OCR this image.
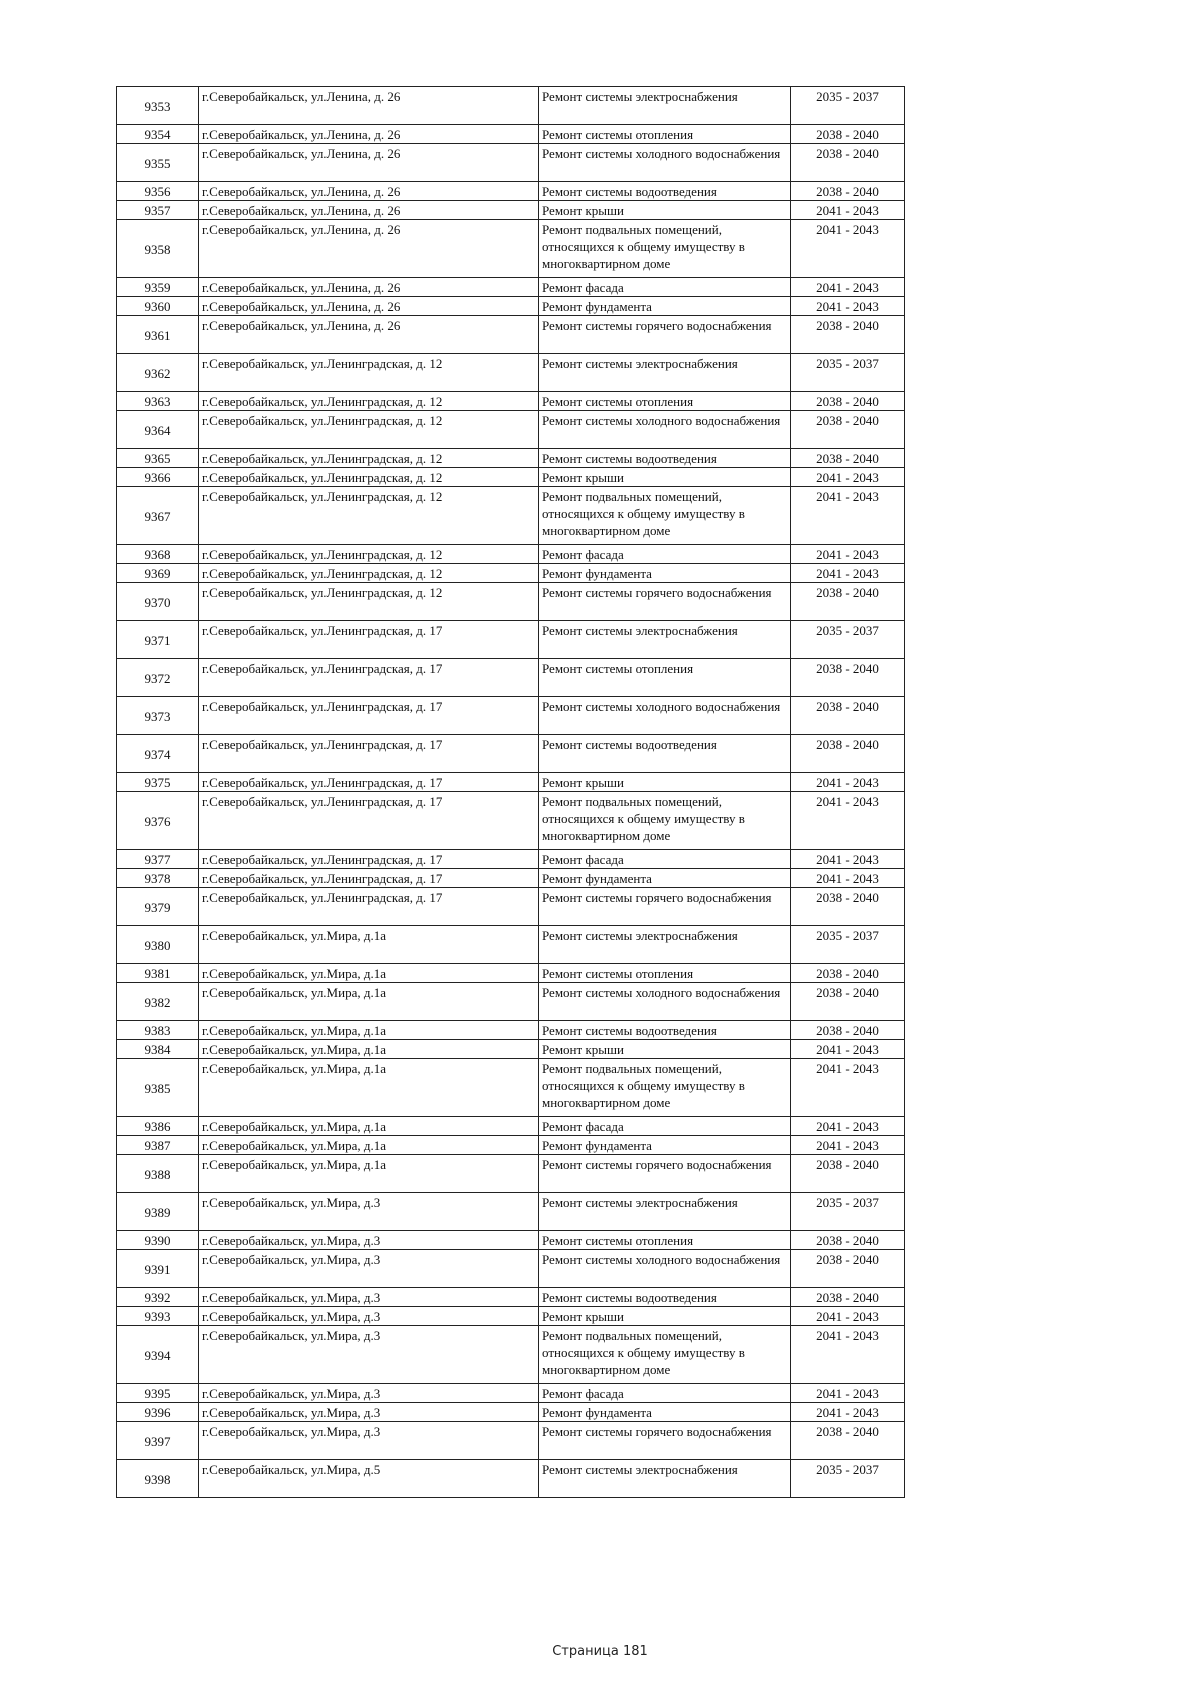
9353	г.Северобайкальск, ул.Ленина, д. 26	Ремонт системы электроснабжения	2035 - 2037
9354	г.Северобайкальск, ул.Ленина, д. 26	Ремонт системы отопления	2038 - 2040
9355	г.Северобайкальск, ул.Ленина, д. 26	Ремонт системы холодного водоснабжения	2038 - 2040
9356	г.Северобайкальск, ул.Ленина, д. 26	Ремонт системы водоотведения	2038 - 2040
9357	г.Северобайкальск, ул.Ленина, д. 26	Ремонт крыши	2041 - 2043
9358	г.Северобайкальск, ул.Ленина, д. 26	Ремонт подвальных помещений, относящихся к общему имуществу в многоквартирном доме	2041 - 2043
9359	г.Северобайкальск, ул.Ленина, д. 26	Ремонт фасада	2041 - 2043
9360	г.Северобайкальск, ул.Ленина, д. 26	Ремонт фундамента	2041 - 2043
9361	г.Северобайкальск, ул.Ленина, д. 26	Ремонт системы горячего водоснабжения	2038 - 2040
9362	г.Северобайкальск, ул.Ленинградская, д. 12	Ремонт системы электроснабжения	2035 - 2037
9363	г.Северобайкальск, ул.Ленинградская, д. 12	Ремонт системы отопления	2038 - 2040
9364	г.Северобайкальск, ул.Ленинградская, д. 12	Ремонт системы холодного водоснабжения	2038 - 2040
9365	г.Северобайкальск, ул.Ленинградская, д. 12	Ремонт системы водоотведения	2038 - 2040
9366	г.Северобайкальск, ул.Ленинградская, д. 12	Ремонт крыши	2041 - 2043
9367	г.Северобайкальск, ул.Ленинградская, д. 12	Ремонт подвальных помещений, относящихся к общему имуществу в многоквартирном доме	2041 - 2043
9368	г.Северобайкальск, ул.Ленинградская, д. 12	Ремонт фасада	2041 - 2043
9369	г.Северобайкальск, ул.Ленинградская, д. 12	Ремонт фундамента	2041 - 2043
9370	г.Северобайкальск, ул.Ленинградская, д. 12	Ремонт системы горячего водоснабжения	2038 - 2040
9371	г.Северобайкальск, ул.Ленинградская, д. 17	Ремонт системы электроснабжения	2035 - 2037
9372	г.Северобайкальск, ул.Ленинградская, д. 17	Ремонт системы отопления	2038 - 2040
9373	г.Северобайкальск, ул.Ленинградская, д. 17	Ремонт системы холодного водоснабжения	2038 - 2040
9374	г.Северобайкальск, ул.Ленинградская, д. 17	Ремонт системы водоотведения	2038 - 2040
9375	г.Северобайкальск, ул.Ленинградская, д. 17	Ремонт крыши	2041 - 2043
9376	г.Северобайкальск, ул.Ленинградская, д. 17	Ремонт подвальных помещений, относящихся к общему имуществу в многоквартирном доме	2041 - 2043
9377	г.Северобайкальск, ул.Ленинградская, д. 17	Ремонт фасада	2041 - 2043
9378	г.Северобайкальск, ул.Ленинградская, д. 17	Ремонт фундамента	2041 - 2043
9379	г.Северобайкальск, ул.Ленинградская, д. 17	Ремонт системы горячего водоснабжения	2038 - 2040
9380	г.Северобайкальск, ул.Мира, д.1а	Ремонт системы электроснабжения	2035 - 2037
9381	г.Северобайкальск, ул.Мира, д.1а	Ремонт системы отопления	2038 - 2040
9382	г.Северобайкальск, ул.Мира, д.1а	Ремонт системы холодного водоснабжения	2038 - 2040
9383	г.Северобайкальск, ул.Мира, д.1а	Ремонт системы водоотведения	2038 - 2040
9384	г.Северобайкальск, ул.Мира, д.1а	Ремонт крыши	2041 - 2043
9385	г.Северобайкальск, ул.Мира, д.1а	Ремонт подвальных помещений, относящихся к общему имуществу в многоквартирном доме	2041 - 2043
9386	г.Северобайкальск, ул.Мира, д.1а	Ремонт фасада	2041 - 2043
9387	г.Северобайкальск, ул.Мира, д.1а	Ремонт фундамента	2041 - 2043
9388	г.Северобайкальск, ул.Мира, д.1а	Ремонт системы горячего водоснабжения	2038 - 2040
9389	г.Северобайкальск, ул.Мира, д.3	Ремонт системы электроснабжения	2035 - 2037
9390	г.Северобайкальск, ул.Мира, д.3	Ремонт системы отопления	2038 - 2040
9391	г.Северобайкальск, ул.Мира, д.3	Ремонт системы холодного водоснабжения	2038 - 2040
9392	г.Северобайкальск, ул.Мира, д.3	Ремонт системы водоотведения	2038 - 2040
9393	г.Северобайкальск, ул.Мира, д.3	Ремонт крыши	2041 - 2043
9394	г.Северобайкальск, ул.Мира, д.3	Ремонт подвальных помещений, относящихся к общему имуществу в многоквартирном доме	2041 - 2043
9395	г.Северобайкальск, ул.Мира, д.3	Ремонт фасада	2041 - 2043
9396	г.Северобайкальск, ул.Мира, д.3	Ремонт фундамента	2041 - 2043
9397	г.Северобайкальск, ул.Мира, д.3	Ремонт системы горячего водоснабжения	2038 - 2040
9398	г.Северобайкальск, ул.Мира, д.5	Ремонт системы электроснабжения	2035 - 2037
Страница 181
